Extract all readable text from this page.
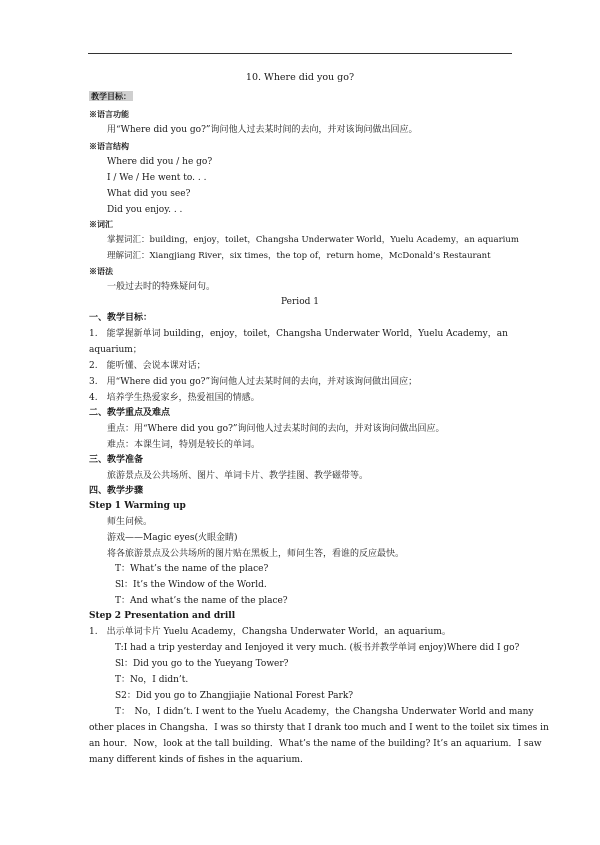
10. Where did you go?
教学目标：
※语言功能
用“Where did you go?”询问他人过去某时间的去向，并对该询问做出回应。
※语言结构
Where did you / he go?
I / We / He went to. . .
What did you see?
Did you enjoy. . .
※词汇
掌握词汇：building，enjoy，toilet，Changsha Underwater World，Yuelu Academy，an aquarium
理解词汇：Xiangjiang River，six times，the top of，return home，McDonald’s Restaurant
※语法
一般过去时的特殊疑问句。
Period 1
一、教学目标：
1.　能掌握新单词 building，enjoy，toilet，Changsha Underwater World，Yuelu Academy，an
aquarium；
2.　能听懂、会说本课对话；
3.　用“Where did you go?”询问他人过去某时间的去向，并对该询问做出回应；
4.　培养学生热爱家乡，热爱祖国的情感。
二、教学重点及难点
重点：用“Where did you go?”询问他人过去某时间的去向，并对该询问做出回应。
难点：本课生词，特别是较长的单词。
三、教学准备
旅游景点及公共场所、图片、单词卡片、教学挂图、教学磁带等。
四、教学步骤
Step 1 Warming up
师生问候。
游戏——Magic eyes(火眼金睛)
将各旅游景点及公共场所的图片贴在黑板上，师问生答，看谁的反应最快。
T：What’s the name of the place?
Sl：It’s the Window of the World.
T：And what’s the name of the place?
Step 2 Presentation and drill
1.　出示单词卡片 Yuelu Academy，Changsha Underwater World，an aquarium。
T:I had a trip yesterday and Ienjoyed it very much. (板书并教学单词 enjoy)Where did I go?
Sl：Did you go to the Yueyang Tower?
T：No，I didn’t.
S2：Did you go to Zhangjiajie National Forest Park?
T：　No，I didn’t. I went to the Yuelu Academy，the Changsha Underwater World and many
other places in Changsha．I was so thirsty that I drank too much and I went to the toilet six times in
an hour．Now，look at the tall building．What’s the name of the building? It’s an aquarium．I saw
many different kinds of fishes in the aquarium.
